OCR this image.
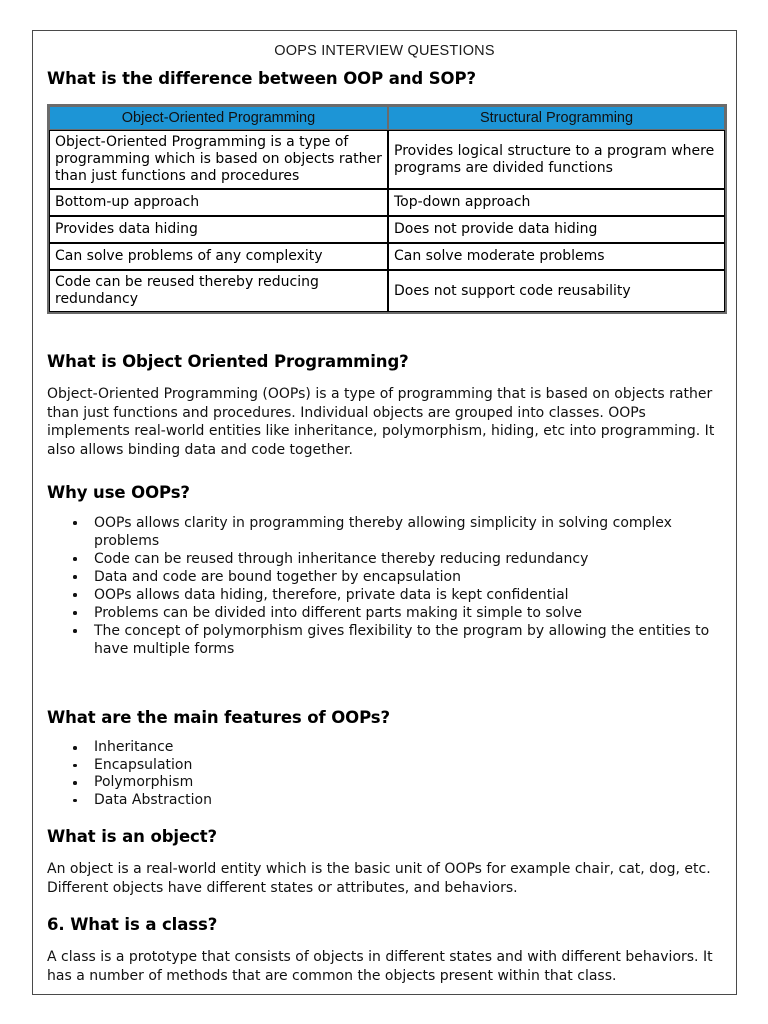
OOPS INTERVIEW QUESTIONS
What is the difference between OOP and SOP?
Object-Oriented Programming	Structural Programming
Object-Oriented Programming is a type of programming which is based on objects rather than just functions and procedures	Provides logical structure to a program where programs are divided functions
Bottom-up approach	Top-down approach
Provides data hiding	Does not provide data hiding
Can solve problems of any complexity	Can solve moderate problems
Code can be reused thereby reducing redundancy	Does not support code reusability
What is Object Oriented Programming?

Object-Oriented Programming (OOPs) is a type of programming that is based on objects rather than just functions and procedures. Individual objects are grouped into classes. OOPs implements real-world entities like inheritance, polymorphism, hiding, etc into programming. It also allows binding data and code together.

Why use OOPs?
OOPs allows clarity in programming thereby allowing simplicity in solving complex problems
Code can be reused through inheritance thereby reducing redundancy
Data and code are bound together by encapsulation
OOPs allows data hiding, therefore, private data is kept confidential
Problems can be divided into different parts making it simple to solve
The concept of polymorphism gives flexibility to the program by allowing the entities to have multiple forms
What are the main features of OOPs?
Inheritance
Encapsulation
Polymorphism
Data Abstraction
What is an object?

An object is a real-world entity which is the basic unit of OOPs for example chair, cat, dog, etc. Different objects have different states or attributes, and behaviors.

6. What is a class?

A class is a prototype that consists of objects in different states and with different behaviors. It has a number of methods that are common the objects present within that class.
